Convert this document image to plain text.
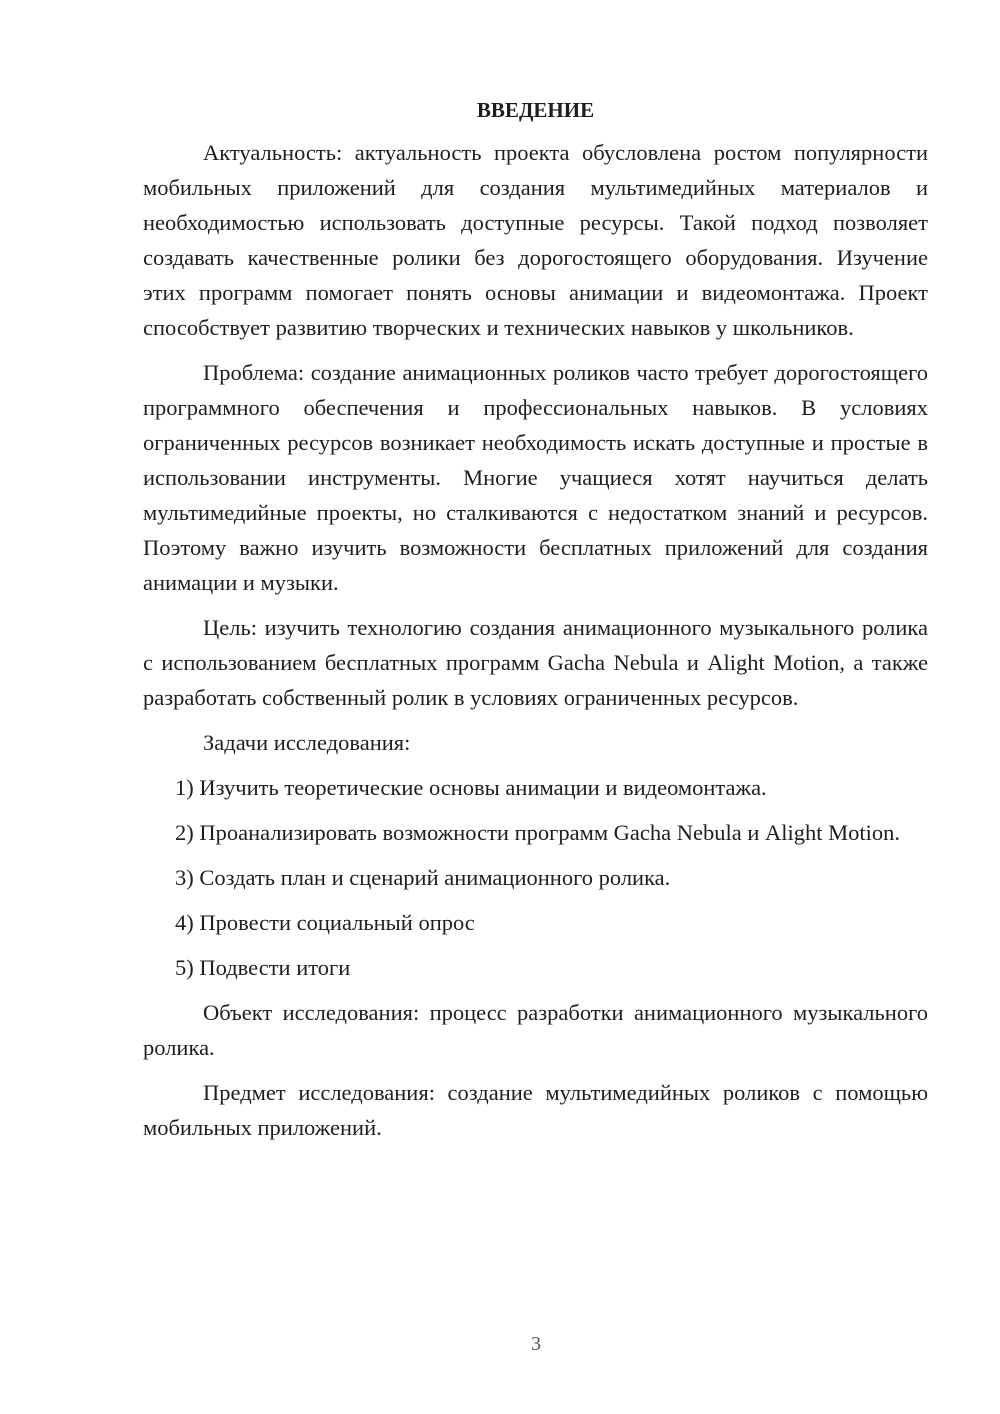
ВВЕДЕНИЕ

Актуальность: актуальность проекта обусловлена ростом популярности мобильных приложений для создания мультимедийных материалов и необходимостью использовать доступные ресурсы. Такой подход позволяет создавать качественные ролики без дорогостоящего оборудования. Изучение этих программ помогает понять основы анимации и видеомонтажа. Проект способствует развитию творческих и технических навыков у школьников.

Проблема: создание анимационных роликов часто требует дорогостоящего программного обеспечения и профессиональных навыков. В условиях ограниченных ресурсов возникает необходимость искать доступные и простые в использовании инструменты. Многие учащиеся хотят научиться делать мультимедийные проекты, но сталкиваются с недостатком знаний и ресурсов. Поэтому важно изучить возможности бесплатных приложений для создания анимации и музыки.

Цель: изучить технологию создания анимационного музыкального ролика с использованием бесплатных программ Gacha Nebula и Alight Motion, а также разработать собственный ролик в условиях ограниченных ресурсов.

Задачи исследования:

1) Изучить теоретические основы анимации и видеомонтажа.

2) Проанализировать возможности программ Gacha Nebula и Alight Motion.

3) Создать план и сценарий анимационного ролика.

4) Провести социальный опрос

5) Подвести итоги

Объект исследования: процесс разработки анимационного музыкального ролика.

Предмет исследования: создание мультимедийных роликов с помощью мобильных приложений.

3
